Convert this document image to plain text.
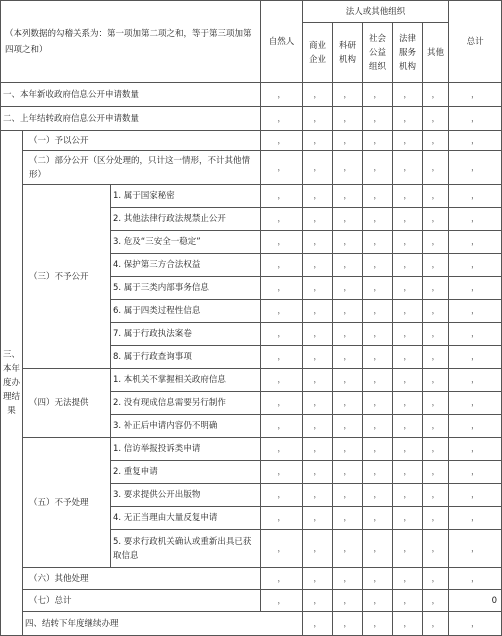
（本列数据的勾稽关系为：第一项加第二项之和，等于第三项加第四项之和）			自然人	法人或其他组织					总计	
				商业企业	科研机构	社会公益组织	法律服务机构	其他		

一、本年新收政府信息公开申请数量			，	，	，	，	，	，	，	
二、上年结转政府信息公开申请数量			，	，	，	，	，	，	，	
三、本年度办理结果	（一）予以公开		，	，	，	，	，	，	，	
	（二）部分公开（区分处理的，只计这一情形，不计其他情形）		，	，	，	，	，	，	，	
	（三）不予公开	1. 属于国家秘密	，	，	，	，	，	，	，	
		2. 其他法律行政法规禁止公开	，	，	，	，	，	，	，	
		3. 危及“三安全一稳定”	，	，	，	，	，	，	，	
		4. 保护第三方合法权益	，	，	，	，	，	，	，	
		5. 属于三类内部事务信息	，	，	，	，	，	，	，	
		6. 属于四类过程性信息	，	，	，	，	，	，	，	
		7. 属于行政执法案卷	，	，	，	，	，	，	，	
		8. 属于行政查询事项	，	，	，	，	，	，	，	
	（四）无法提供	1. 本机关不掌握相关政府信息	，	，	，	，	，	，	，	
		2. 没有现成信息需要另行制作	，	，	，	，	，	，	，	
		3. 补正后申请内容仍不明确	，	，	，	，	，	，	，	
	（五）不予处理	1. 信访举报投诉类申请	，	，	，	，	，	，	，	
		2. 重复申请	，	，	，	，	，	，	，	
		3. 要求提供公开出版物	，	，	，	，	，	，	，	
		4. 无正当理由大量反复申请	，	，	，	，	，	，	，	
		5. 要求行政机关确认或重新出具已获取信息	，	，	，	，	，	，	，	
	（六）其他处理		，	，	，	，	，	，	，	
	（七）总计		，	，	，	，	，	，	0	
	四、结转下年度继续办理			，	，	，	，	，	，	
